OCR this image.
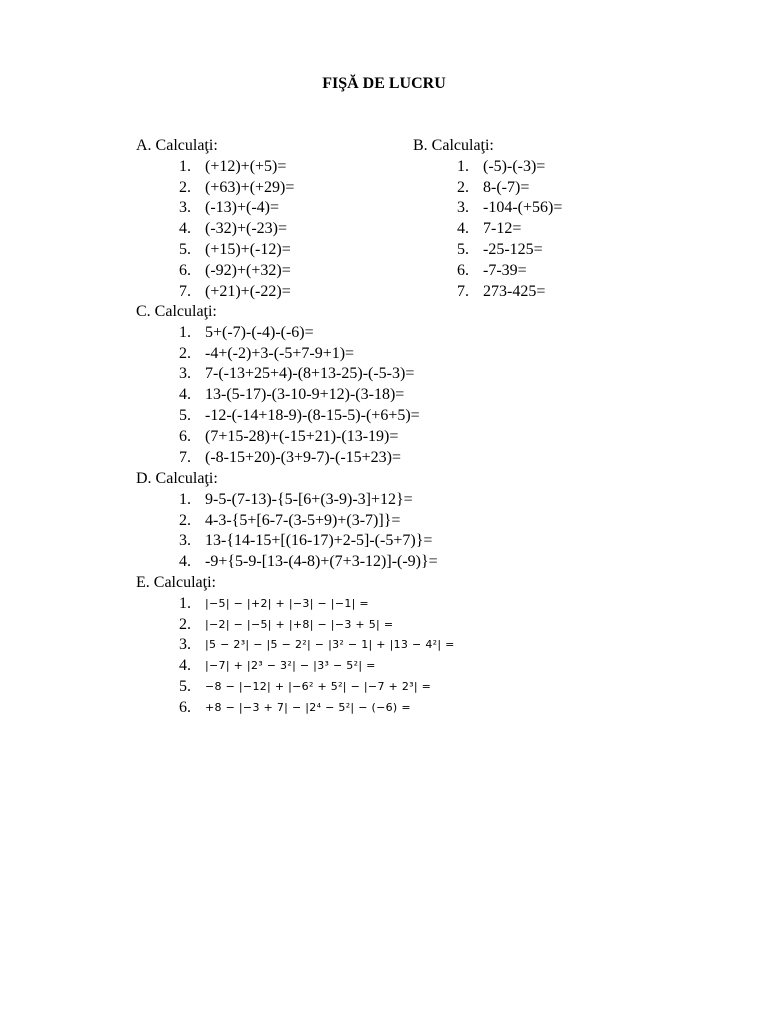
FIŞĂ DE LUCRU
A. Calculaţi:
1. (+12)+(+5)=
2. (+63)+(+29)=
3. (-13)+(-4)=
4. (-32)+(-23)=
5. (+15)+(-12)=
6. (-92)+(+32)=
7. (+21)+(-22)=
B. Calculaţi:
1. (-5)-(-3)=
2. 8-(-7)=
3. -104-(+56)=
4. 7-12=
5. -25-125=
6. -7-39=
7. 273-425=
C. Calculaţi:
1. 5+(-7)-(-4)-(-6)=
2. -4+(-2)+3-(-5+7-9+1)=
3. 7-(-13+25+4)-(8+13-25)-(-5-3)=
4. 13-(5-17)-(3-10-9+12)-(3-18)=
5. -12-(-14+18-9)-(8-15-5)-(+6+5)=
6. (7+15-28)+(-15+21)-(13-19)=
7. (-8-15+20)-(3+9-7)-(-15+23)=
D. Calculaţi:
1. 9-5-(7-13)-{5-[6+(3-9)-3]+12}=
2. 4-3-{5+[6-7-(3-5+9)+(3-7)]}=
3. 13-{14-15+[(16-17)+2-5]-(-5+7)}=
4. -9+{5-9-[13-(4-8)+(7+3-12)]-(-9)}=
E. Calculaţi:
1.	|−5| − |+2| + |−3| − |−1| =
2.	|−2| − |−5| + |+8| − |−3 + 5| =
3.	|5 − 2³| − |5 − 2²| − |3² − 1| + |13 − 4²| =
4.	|−7| + |2³ − 3²| − |3³ − 5²| =
5.	−8 − |−12| + |−6² + 5²| − |−7 + 2³| =
6.	+8 − |−3 + 7| − |2⁴ − 5²| − (−6) =
